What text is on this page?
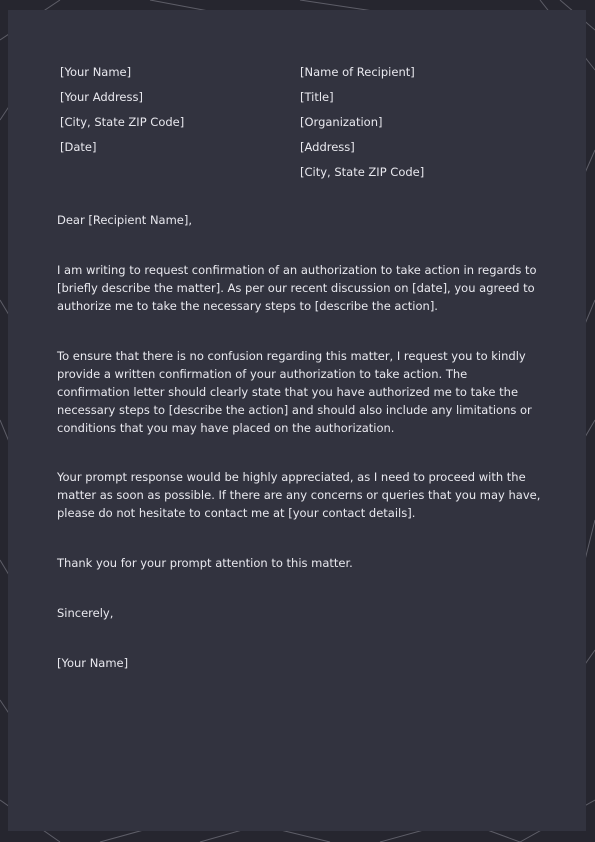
[Your Name]
[Your Address]
[City, State ZIP Code]
[Date]
[Name of Recipient]
[Title]
[Organization]
[Address]
[City, State ZIP Code]

Dear [Recipient Name],

I am writing to request confirmation of an authorization to take action in regards to [briefly describe the matter]. As per our recent discussion on [date], you agreed to authorize me to take the necessary steps to [describe the action].

To ensure that there is no confusion regarding this matter, I request you to kindly provide a written confirmation of your authorization to take action. The confirmation letter should clearly state that you have authorized me to take the necessary steps to [describe the action] and should also include any limitations or conditions that you may have placed on the authorization.

Your prompt response would be highly appreciated, as I need to proceed with the matter as soon as possible. If there are any concerns or queries that you may have, please do not hesitate to contact me at [your contact details].

Thank you for your prompt attention to this matter.

Sincerely,

[Your Name]
